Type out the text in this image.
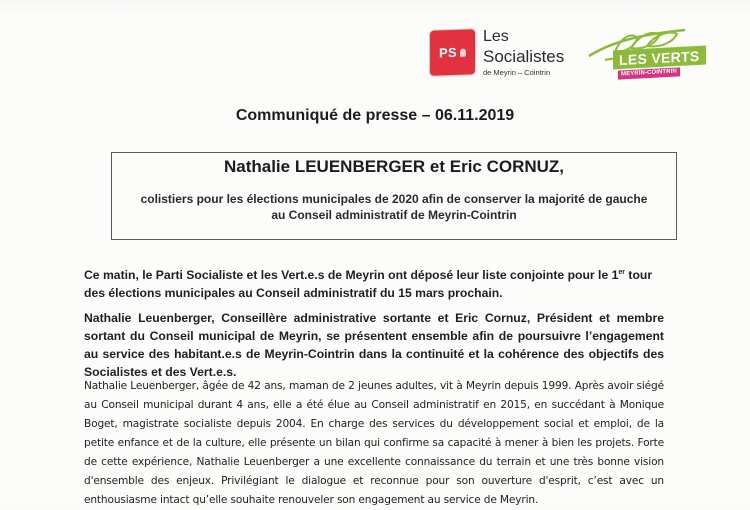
PS
Les
Socialistes
de Meyrin – Cointrin
LES VERTS
MEYRIN-COINTRIN
Communiqué de presse – 06.11.2019
Nathalie LEUENBERGER et Eric CORNUZ,
colistiers pour les élections municipales de 2020 afin de conserver la majorité de gauche
au Conseil administratif de Meyrin-Cointrin
Ce matin, le Parti Socialiste et les Vert.e.s de Meyrin ont déposé leur liste conjointe pour le 1er tour des élections municipales au Conseil administratif du 15 mars prochain.
Nathalie Leuenberger, Conseillère administrative sortante et Eric Cornuz, Président et membre sortant du Conseil municipal de Meyrin, se présentent ensemble afin de poursuivre l’engagement au service des habitant.e.s de Meyrin-Cointrin dans la continuité et la cohérence des objectifs des Socialistes et des Vert.e.s.
Nathalie Leuenberger, âgée de 42 ans, maman de 2 jeunes adultes, vit à Meyrin depuis 1999. Après avoir siégé au Conseil municipal durant 4 ans, elle a été élue au Conseil administratif en 2015, en succédant à Monique Boget, magistrate socialiste depuis 2004. En charge des services du développement social et emploi, de la petite enfance et de la culture, elle présente un bilan qui confirme sa capacité à mener à bien les projets. Forte de cette expérience, Nathalie Leuenberger a une excellente connaissance du terrain et une très bonne vision d'ensemble des enjeux. Privilégiant le dialogue et reconnue pour son ouverture d'esprit, c’est avec un enthousiasme intact qu’elle souhaite renouveler son engagement au service de Meyrin.
